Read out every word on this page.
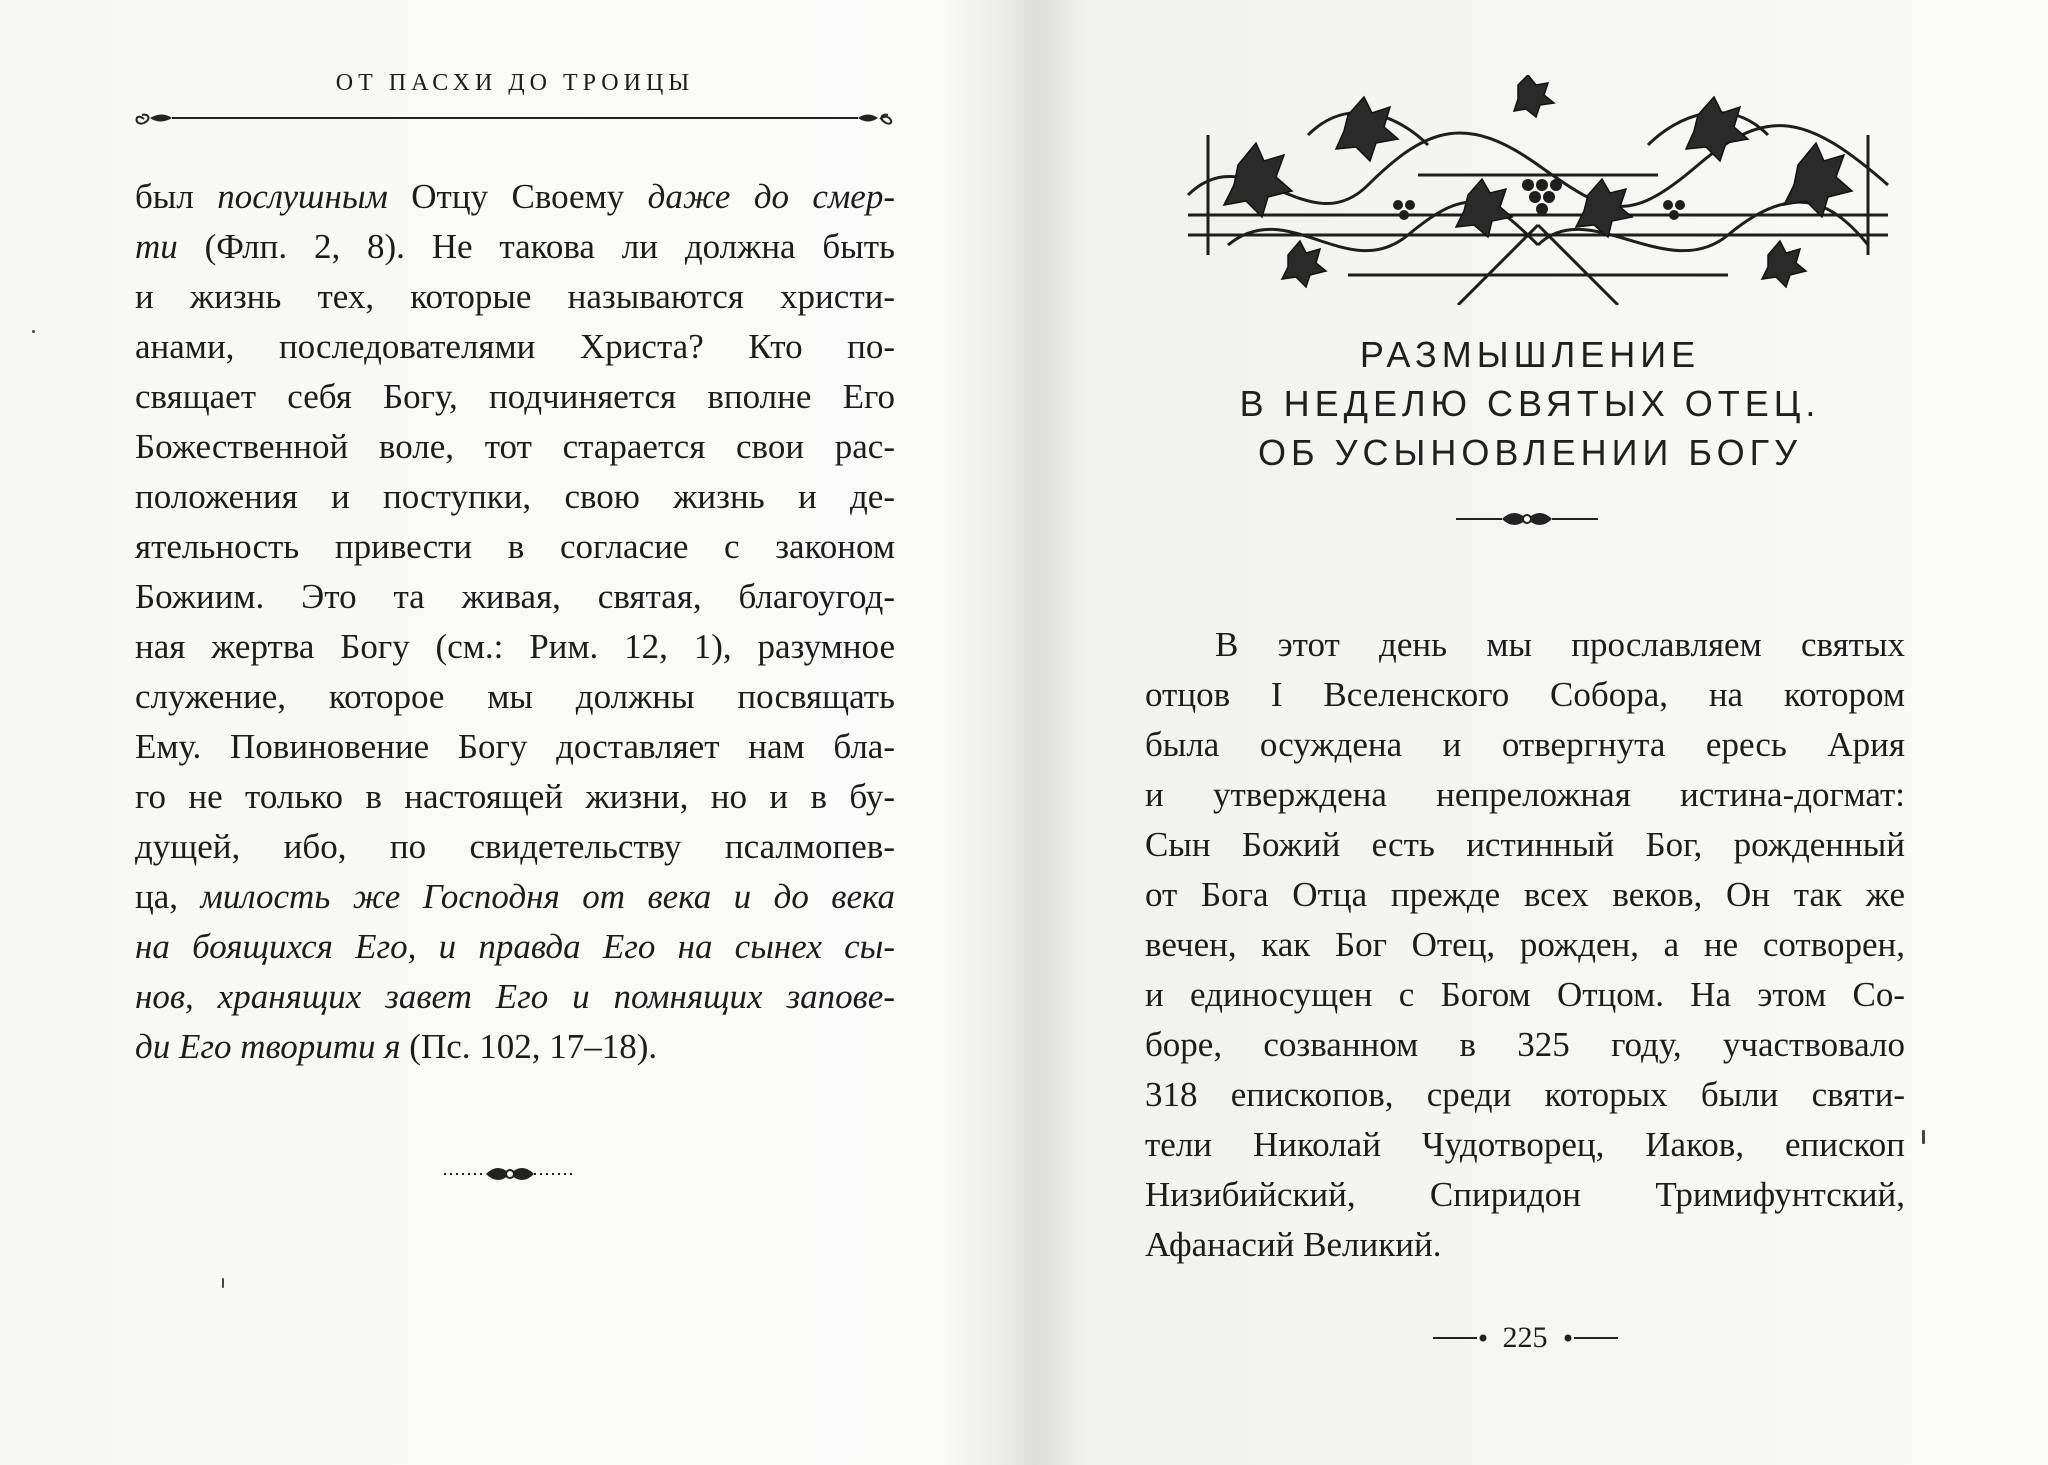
ОТ ПАСХИ ДО ТРОИЦЫ
был послушным Отцу Своему даже до смер-
ти (Флп. 2, 8). Не такова ли должна быть
и жизнь тех, которые называются христи-
анами, последователями Христа? Кто по-
свящает себя Богу, подчиняется вполне Его
Божественной воле, тот старается свои рас-
положения и поступки, свою жизнь и де-
ятельность привести в согласие с законом
Божиим. Это та живая, святая, благоугод-
ная жертва Богу (см.: Рим. 12, 1), разумное
служение, которое мы должны посвящать
Ему. Повиновение Богу доставляет нам бла-
го не только в настоящей жизни, но и в бу-
дущей, ибо, по свидетельству псалмопев-
ца, милость же Господня от века и до века
на боящихся Его, и правда Его на сынех сы-
нов, хранящих завет Его и помнящих запове-
ди Его творити я (Пс. 102, 17–18).
РАЗМЫШЛЕНИЕ
В НЕДЕЛЮ СВЯТЫХ ОТЕЦ.
ОБ УСЫНОВЛЕНИИ БОГУ
В этот день мы прославляем святых
отцов I Вселенского Собора, на котором
была осуждена и отвергнута ересь Ария
и утверждена непреложная истина-догмат:
Сын Божий есть истинный Бог, рожденный
от Бога Отца прежде всех веков, Он так же
вечен, как Бог Отец, рожден, а не сотворен,
и единосущен с Богом Отцом. На этом Со-
боре, созванном в 325 году, участвовало
318 епископов, среди которых были святи-
тели Николай Чудотворец, Иаков, епископ
Низибийский, Спиридон Тримифунтский,
Афанасий Великий.
225
